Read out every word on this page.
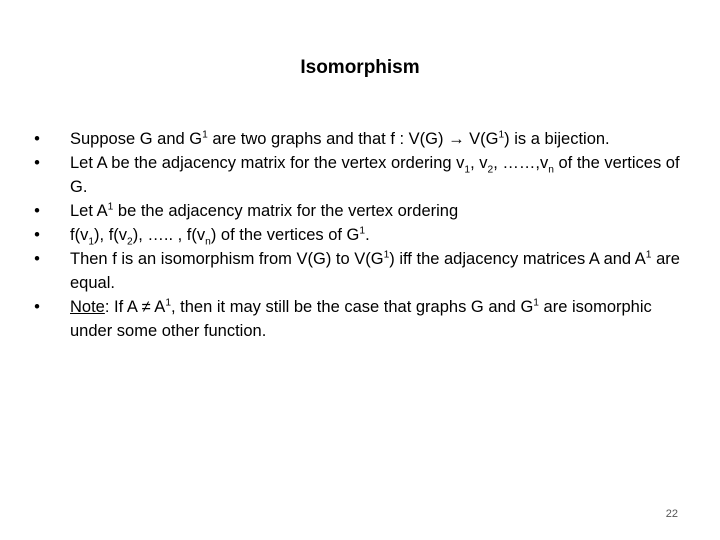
Isomorphism
• Suppose G and $G^1$ are two graphs and that f : $V(G) \to V(G^1)$ is a bijection.
• Let A be the adjacency matrix for the vertex ordering $v_1$, $v_2$, $\dots\dots,v_n$ of the vertices of G.
• Let $A^1$ be the adjacency matrix for the vertex ordering
• $f(v_1)$, $f(v_2)$, ….. , $f(v_n)$ of the vertices of $G^1$.
• Then f is an isomorphism from V(G) to $V(G^1)$ iff the adjacency matrices A and $A^1$ are equal.
• Note: If $A \ne A^1$, then it may still be the case that graphs G and $G^1$ are isomorphic under some other function.
22
